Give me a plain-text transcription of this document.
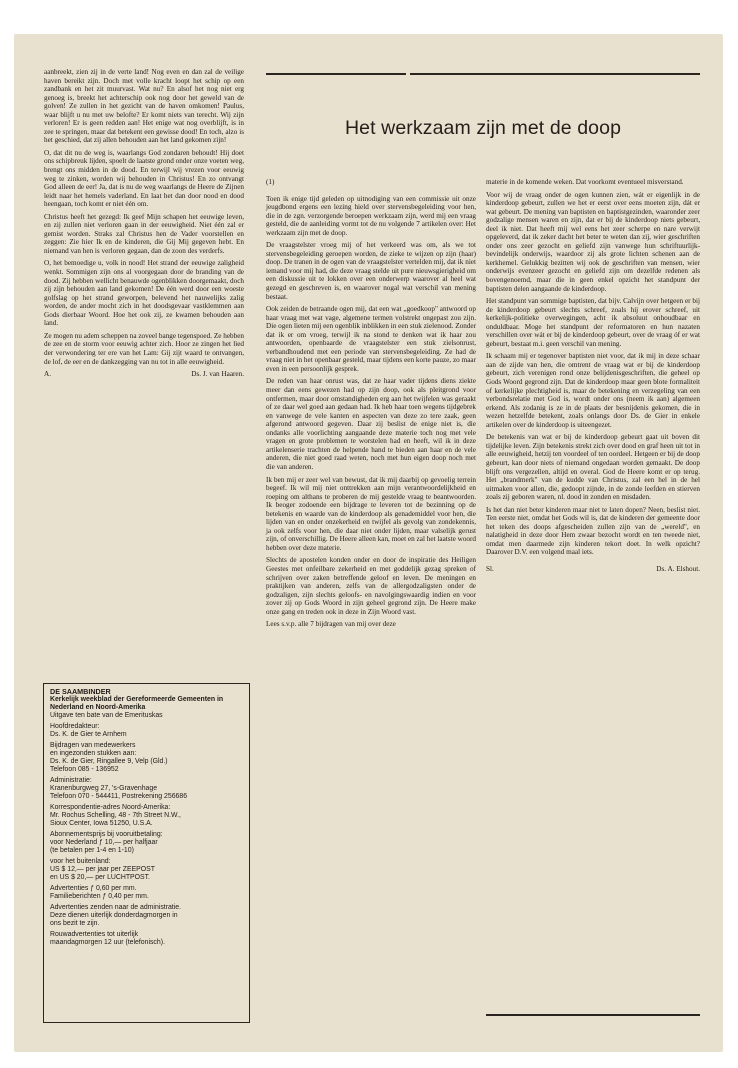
aanbreekt, zien zij in de verte land! Nog even en dan zal de veilige haven bereikt zijn. Doch met volle kracht loopt het schip op een zandbank en het zit muurvast. Wat nu? En alsof het nog niet erg genoeg is, breekt het achterschip ook nog door het geweld van de golven! Ze zullen in het gezicht van de haven omkomen! Paulus, waar blijft u nu met uw belofte? Er komt niets van terecht. Wij zijn verloren! Er is geen redden aan! Het enige wat nog overblijft, is in zee te springen, maar dat betekent een gewisse dood! En toch, alzo is het geschied, dat zij allen behouden aan het land gekomen zijn!

O, dat dit nu de weg is, waarlangs God zondaren behoudt! Hij doet ons schipbreuk lijden, spoelt de laatste grond onder onze voeten weg, brengt ons midden in de dood. En terwijl wij vrezen voor eeuwig weg te zinken, worden wij behouden in Christus! En zo ontvangt God alleen de eer! Ja, dat is nu de weg waarlangs de Heere de Zijnen leidt naar het hemels vaderland. En laat het dan door nood en dood heengaan, toch komt er niet één om.

Christus heeft het gezegd: Ik geef Mijn schapen het eeuwige leven, en zij zullen niet verloren gaan in der eeuwigheid. Niet één zal er gemist worden. Straks zal Christus hen de Vader voorstellen en zeggen: Zie hier Ik en de kinderen, die Gij Mij gegeven hebt. En niemand van hen is verloren gegaan, dan de zoon des verderfs.

O, het bemoedige u, volk in nood! Het strand der eeuwige zaligheid wenkt. Sommigen zijn ons al voorgegaan door de branding van de dood. Zij hebben wellicht benauwde ogenblikken doorgemaakt, doch zij zijn behouden aan land gekomen! De één werd door een woeste golfslag op het strand geworpen, belevend het nauwelijks zalig worden, de ander mocht zich in het doodsgevaar vastklemmen aan Gods dierbaar Woord. Hoe het ook zij, ze kwamen behouden aan land.

Ze mogen nu adem scheppen na zoveel bange tegenspoed. Ze hebben de zee en de storm voor eeuwig achter zich. Hoor ze zingen het lied der verwondering ter ere van het Lam: Gij zijt waard te ontvangen, de lof, de eer en de dankzegging van nu tot in alle eeuwigheid.

A.	Ds. J. van Haaren.
DE SAAMBINDER
Kerkelijk weekblad der Gereformeerde Gemeenten in Nederland en Noord-Amerika
Uitgave ten bate van de Emerituskas
Hoofdredakteur:
Ds. K. de Gier te Arnhem
Bijdragen van medewerkers
en ingezonden stukken aan:
Ds. K. de Gier, Ringallee 9, Velp (Gld.)
Telefoon 085 - 136952
Administratie:
Kranenburgweg 27, 's-Gravenhage
Telefoon 070 - 544411, Postrekening 256686
Korrespondentie-adres Noord-Amerika:
Mr. Rochus Schelling, 48 - 7th Street N.W.,
Sioux Center, Iowa 51250, U.S.A.
Abonnementsprijs bij vooruitbetaling:
voor Nederland ƒ 10,— per halfjaar
(te betalen per 1-4 en 1-10)
voor het buitenland:
US $ 12,— per jaar per ZEEPOST
en US $ 20,— per LUCHTPOST.
Advertenties ƒ 0,60 per mm.
Familieberichten ƒ 0,40 per mm.
Advertenties zenden naar de administratie.
Deze dienen uiterlijk donderdagmorgen in
ons bezit te zijn.
Rouwadvertenties tot uiterlijk
maandagmorgen 12 uur (telefonisch).
Het werkzaam zijn met de doop

(1)

Toen ik enige tijd geleden op uitnodiging van een commissie uit onze jeugdbond ergens een lezing hield over stervensbegeleiding voor hen, die in de zgn. verzorgende beroepen werkzaam zijn, werd mij een vraag gesteld, die de aanleiding vormt tot de nu volgende 7 artikelen over: Het werkzaam zijn met de doop.

De vraagstelster vroeg mij of het verkeerd was om, als we tot stervensbegeleiding geroepen worden, de zieke te wijzen op zijn (haar) doop. De tranen in de ogen van de vraagstelster vertelden mij, dat ik niet iemand voor mij had, die deze vraag stelde uit pure nieuwsgierigheid om een diskussie uit te lokken over een onderwerp waarover al heel wat gezegd en geschreven is, en waarover nogal wat verschil van mening bestaat.

Ook zeiden de betraande ogen mij, dat een wat „goedkoop" antwoord op haar vraag met wat vage, algemene termen volstrekt ongepast zou zijn. Die ogen lieten mij een ogenblik inblikken in een stuk zielenood. Zonder dat ik er om vroeg, terwijl ik na stond te denken wat ik haar zou antwoorden, openbaarde de vraagstelster een stuk zielsonrust, verbandhoudend met een periode van stervensbegeleiding. Ze had de vraag niet in het openbaar gesteld, maar tijdens een korte pauze, zo maar even in een persoonlijk gesprek.

De reden van haar onrust was, dat ze haar vader tijdens diens ziekte meer dan eens gewezen had op zijn doop, ook als pleitgrond voor ontfermen, maar door omstandigheden erg aan het twijfelen was geraakt of ze daar wel goed aan gedaan had. Ik heb haar toen wegens tijdgebrek en vanwege de vele kanten en aspecten van deze zo tere zaak, geen afgerond antwoord gegeven. Daar zij beslist de enige niet is, die ondanks alle voorlichting aangaande deze materie toch nog met vele vragen en grote problemen te worstelen had en heeft, wil ik in deze artikelenserie trachten de helpende hand te bieden aan haar en de vele anderen, die niet goed raad weten, noch met hun eigen doop noch met die van anderen.

Ik ben mij er zeer wel van bewust, dat ik mij daarbij op gevoelig terrein begeef. Ik wil mij niet onttrekken aan mijn verantwoordelijkheid en roeping om althans te proberen de mij gestelde vraag te beantwoorden. Ik beoger zodoende een bijdrage te leveren tot de bezinning op de betekenis en waarde van de kinderdoop als genademiddel voor hen, die lijden van en onder onzekerheid en twijfel als gevolg van zondekennis, ja ook zelfs voor hen, die daar niet onder lijden, maar valselijk gerust zijn, of onverschillig. De Heere alleen kan, moet en zal het laatste woord hebben over deze materie.

Slechts de apostelen konden onder en door de inspiratie des Heiligen Geestes met onfeilbare zekerheid en met goddelijk gezag spreken of schrijven over zaken betreffende geloof en leven. De meningen en praktijken van anderen, zelfs van de allergodzaligsten onder de godzaligen, zijn slechts geloofs- en navolgingswaardig indien en voor zover zij op Gods Woord in zijn geheel gegrond zijn. De Heere make onze gang en treden ook in deze in Zijn Woord vast.

Lees s.v.p. alle 7 bijdragen van mij over deze

materie in de komende weken. Dat voorkomt eventueel misverstand.

Voor wij de vraag onder de ogen kunnen zien, wát er eigenlijk in de kinderdoop gebeurt, zullen we het er eerst over eens moeten zijn, dát er wat gebeurt. De mening van baptisten en baptistgezinden, waaronder zeer godzalige mensen waren en zijn, dat er bij de kinderdoop niets gebeurt, deel ik niet. Dat heeft mij wel eens het zeer scherpe en nare verwijt opgeleverd, dat ik zeker dacht het beter te weten dan zij, wier geschriften onder ons zeer gezocht en geliefd zijn vanwege hun schriftuurlijk-bevindelijk onderwijs, waardoor zij als grote lichten schenen aan de kerkhemel. Gelukkig bezitten wij ook de geschriften van mensen, wier onderwijs evenzeer gezocht en geliefd zijn om dezelfde redenen als bovengenoemd, maar die in geen enkel opzicht het standpunt der baptisten delen aangaande de kinderdoop.

Het standpunt van sommige baptisten, dat bijv. Calvijn over hetgeen er bij de kinderdoop gebeurt slechts schreef, zoals hij erover schreef, uit kerkelijk-politieke overwegingen, acht ik absoluut onhoudbaar en onduldbaar. Moge het standpunt der reformatoren en hun nazaten verschillen over wát er bij de kinderdoop gebeurt, over de vraag óf er wat gebeurt, bestaat m.i. geen verschil van mening.

Ik schaam mij er tegenover baptisten niet voor, dat ik mij in deze schaar aan de zijde van hen, die omtrent de vraag wat er bij de kinderdoop gebeurt, zich verenigen rond onze belijdenisgeschriften, die geheel op Gods Woord gegrond zijn. Dat de kinderdoop maar geen blote formaliteit of kerkelijke plechtigheid is, maar de betekening en verzegeling van een verbondsrelatie met God is, wordt onder ons (neem ik aan) algemeen erkend. Als zodanig is ze in de plaats der besnijdenis gekomen, die in wezen hetzelfde betekent, zoals onlangs door Ds. de Gier in enkele artikelen over de kinderdoop is uiteengezet.

De betekenis van wat er bij de kinderdoop gebeurt gaat uit boven dit tijdelijke leven. Zijn betekenis strekt zich over dood en graf heen uit tot in alle eeuwigheid, hetzij ten voordeel of ten oordeel. Hetgeen er bij de doop gebeurt, kan door niets of niemand ongedaan worden gemaakt. De doop blijft ons vergezellen, altijd en overal. God de Heere komt er op terug. Het „brandmerk" van de kudde van Christus, zal een hel in de hel uitmaken voor allen, die, gedoopt zijnde, in de zonde leefden en stierven zoals zij geboren waren, nl. dood in zonden en misdaden.

Is het dan niet beter kinderen maar niet te laten dopen? Neen, beslist niet. Ten eerste niet, omdat het Gods wil is, dat de kinderen der gemeente door het teken des doops afgescheiden zullen zijn van de „wereld", en nalatigheid in deze door Hem zwaar bezocht wordt en ten tweede niet, omdat men daarmede zijn kinderen tekort doet. In welk opzicht? Daarover D.V. een volgend maal iets.

Sl.	Ds. A. Elshout.
